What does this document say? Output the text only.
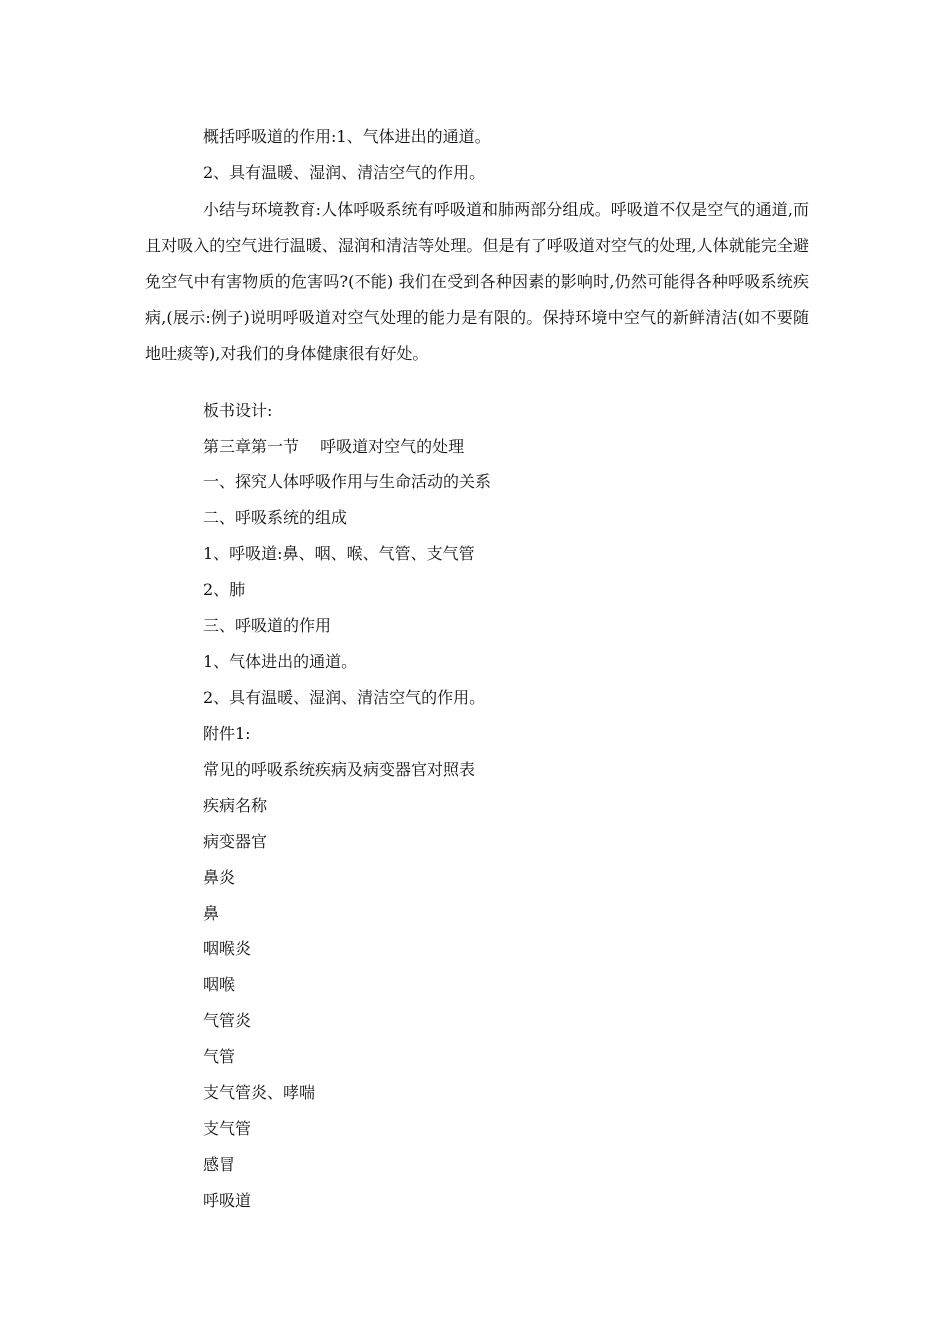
概括呼吸道的作用:1、气体进出的通道。
2、具有温暖、湿润、清洁空气的作用。

小结与环境教育:人体呼吸系统有呼吸道和肺两部分组成。呼吸道不仅是空气的通道,而且对吸入的空气进行温暖、湿润和清洁等处理。但是有了呼吸道对空气的处理,人体就能完全避免空气中有害物质的危害吗?(不能) 我们在受到各种因素的影响时,仍然可能得各种呼吸系统疾病,(展示:例子)说明呼吸道对空气处理的能力是有限的。保持环境中空气的新鲜清洁(如不要随地吐痰等),对我们的身体健康很有好处。

板书设计:
第三章第一节　 呼吸道对空气的处理
一、探究人体呼吸作用与生命活动的关系
二、呼吸系统的组成
1、呼吸道:鼻、咽、喉、气管、支气管
2、肺
三、呼吸道的作用
1、气体进出的通道。
2、具有温暖、湿润、清洁空气的作用。
附件1:
常见的呼吸系统疾病及病变器官对照表
疾病名称
病变器官
鼻炎
鼻
咽喉炎
咽喉
气管炎
气管
支气管炎、哮喘
支气管
感冒
呼吸道
